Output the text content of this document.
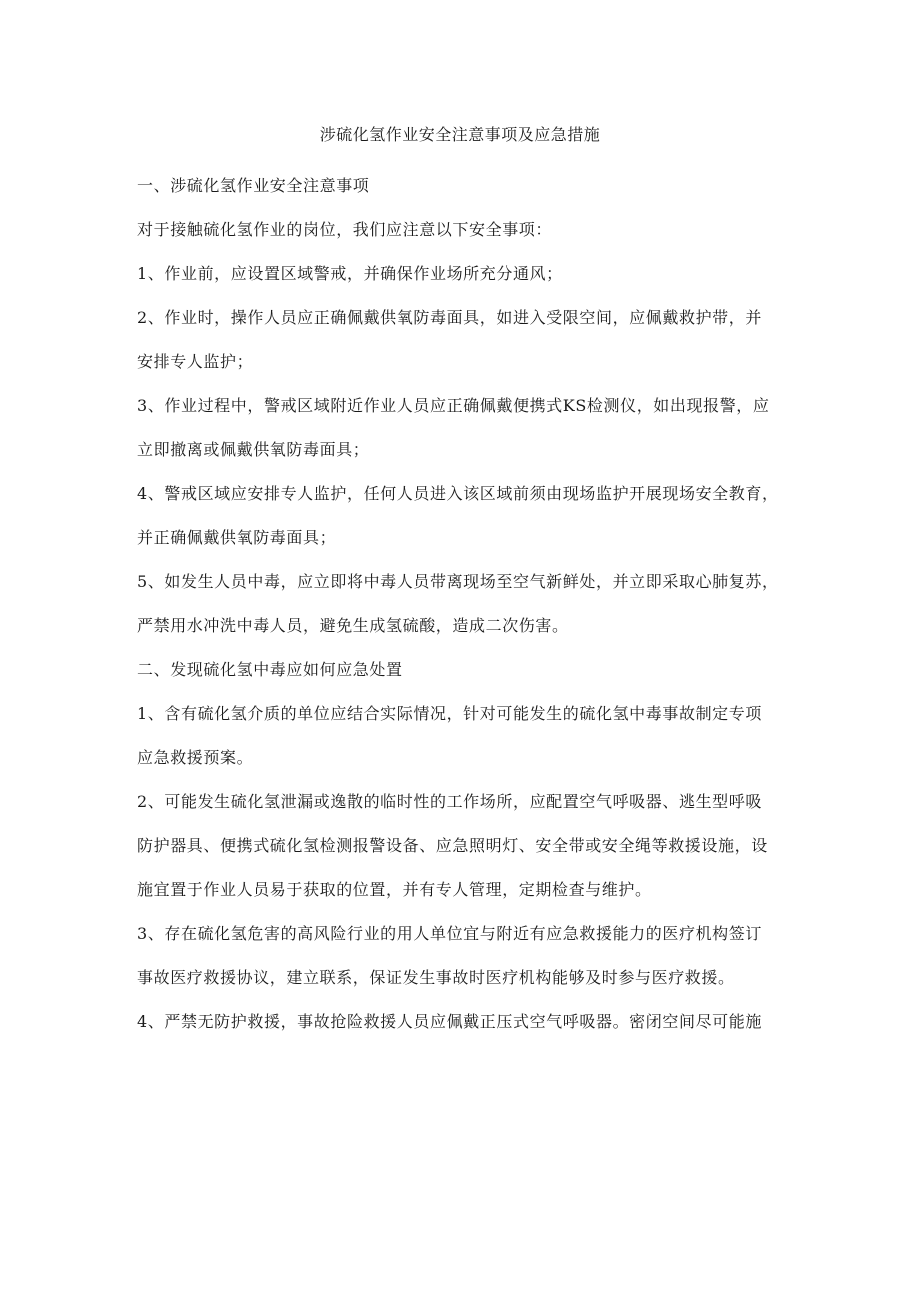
涉硫化氢作业安全注意事项及应急措施

一、涉硫化氢作业安全注意事项

对于接触硫化氢作业的岗位，我们应注意以下安全事项：

1、作业前，应设置区域警戒，并确保作业场所充分通风；

2、作业时，操作人员应正确佩戴供氧防毒面具，如进入受限空间，应佩戴救护带，并
安排专人监护；

3、作业过程中，警戒区域附近作业人员应正确佩戴便携式KS检测仪，如出现报警，应
立即撤离或佩戴供氧防毒面具；

4、警戒区域应安排专人监护，任何人员进入该区域前须由现场监护开展现场安全教育，
并正确佩戴供氧防毒面具；

5、如发生人员中毒，应立即将中毒人员带离现场至空气新鲜处，并立即采取心肺复苏，
严禁用水冲洗中毒人员，避免生成氢硫酸，造成二次伤害。

二、发现硫化氢中毒应如何应急处置

1、含有硫化氢介质的单位应结合实际情况，针对可能发生的硫化氢中毒事故制定专项
应急救援预案。

2、可能发生硫化氢泄漏或逸散的临时性的工作场所，应配置空气呼吸器、逃生型呼吸
防护器具、便携式硫化氢检测报警设备、应急照明灯、安全带或安全绳等救援设施，设
施宜置于作业人员易于获取的位置，并有专人管理，定期检查与维护。

3、存在硫化氢危害的高风险行业的用人单位宜与附近有应急救援能力的医疗机构签订
事故医疗救援协议，建立联系，保证发生事故时医疗机构能够及时参与医疗救援。

4、严禁无防护救援，事故抢险救援人员应佩戴正压式空气呼吸器。密闭空间尽可能施
